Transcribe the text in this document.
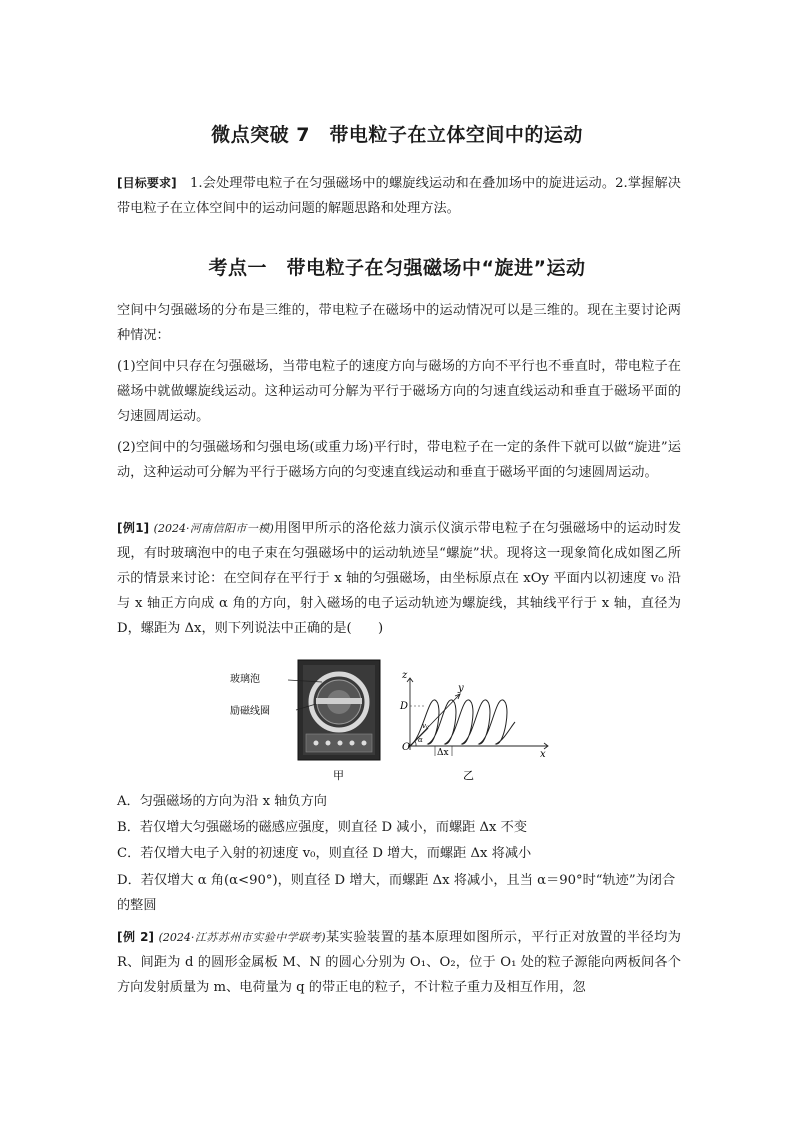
微点突破 7　带电粒子在立体空间中的运动
[目标要求]　1.会处理带电粒子在匀强磁场中的螺旋线运动和在叠加场中的旋进运动。2.掌握解决带电粒子在立体空间中的运动问题的解题思路和处理方法。
考点一　带电粒子在匀强磁场中“旋进”运动
空间中匀强磁场的分布是三维的，带电粒子在磁场中的运动情况可以是三维的。现在主要讨论两种情况：
(1)空间中只存在匀强磁场，当带电粒子的速度方向与磁场的方向不平行也不垂直时，带电粒子在磁场中就做螺旋线运动。这种运动可分解为平行于磁场方向的匀速直线运动和垂直于磁场平面的匀速圆周运动。
(2)空间中的匀强磁场和匀强电场(或重力场)平行时，带电粒子在一定的条件下就可以做“旋进”运动，这种运动可分解为平行于磁场方向的匀变速直线运动和垂直于磁场平面的匀速圆周运动。
[例1] (2024·河南信阳市一模)用图甲所示的洛伦兹力演示仪演示带电粒子在匀强磁场中的运动时发现，有时玻璃泡中的电子束在匀强磁场中的运动轨迹呈“螺旋”状。现将这一现象简化成如图乙所示的情景来讨论：在空间存在平行于 x 轴的匀强磁场，由坐标原点在 xOy 平面内以初速度 v₀ 沿与 x 轴正方向成 α 角的方向，射入磁场的电子运动轨迹为螺旋线，其轴线平行于 x 轴，直径为 D，螺距为 Δx，则下列说法中正确的是(　　)
玻璃泡
励磁线圈
甲
z
y
x
O
D
Δx
v₀
α
乙
A．匀强磁场的方向为沿 x 轴负方向
B．若仅增大匀强磁场的磁感应强度，则直径 D 减小，而螺距 Δx 不变
C．若仅增大电子入射的初速度 v₀，则直径 D 增大，而螺距 Δx 将减小
D．若仅增大 α 角(α<90°)，则直径 D 增大，而螺距 Δx 将减小，且当 α＝90°时“轨迹”为闭合的整圆
[例 2] (2024·江苏苏州市实验中学联考)某实验装置的基本原理如图所示，平行正对放置的半径均为 R、间距为 d 的圆形金属板 M、N 的圆心分别为 O₁、O₂，位于 O₁ 处的粒子源能向两板间各个方向发射质量为 m、电荷量为 q 的带正电的粒子，不计粒子重力及相互作用，忽
